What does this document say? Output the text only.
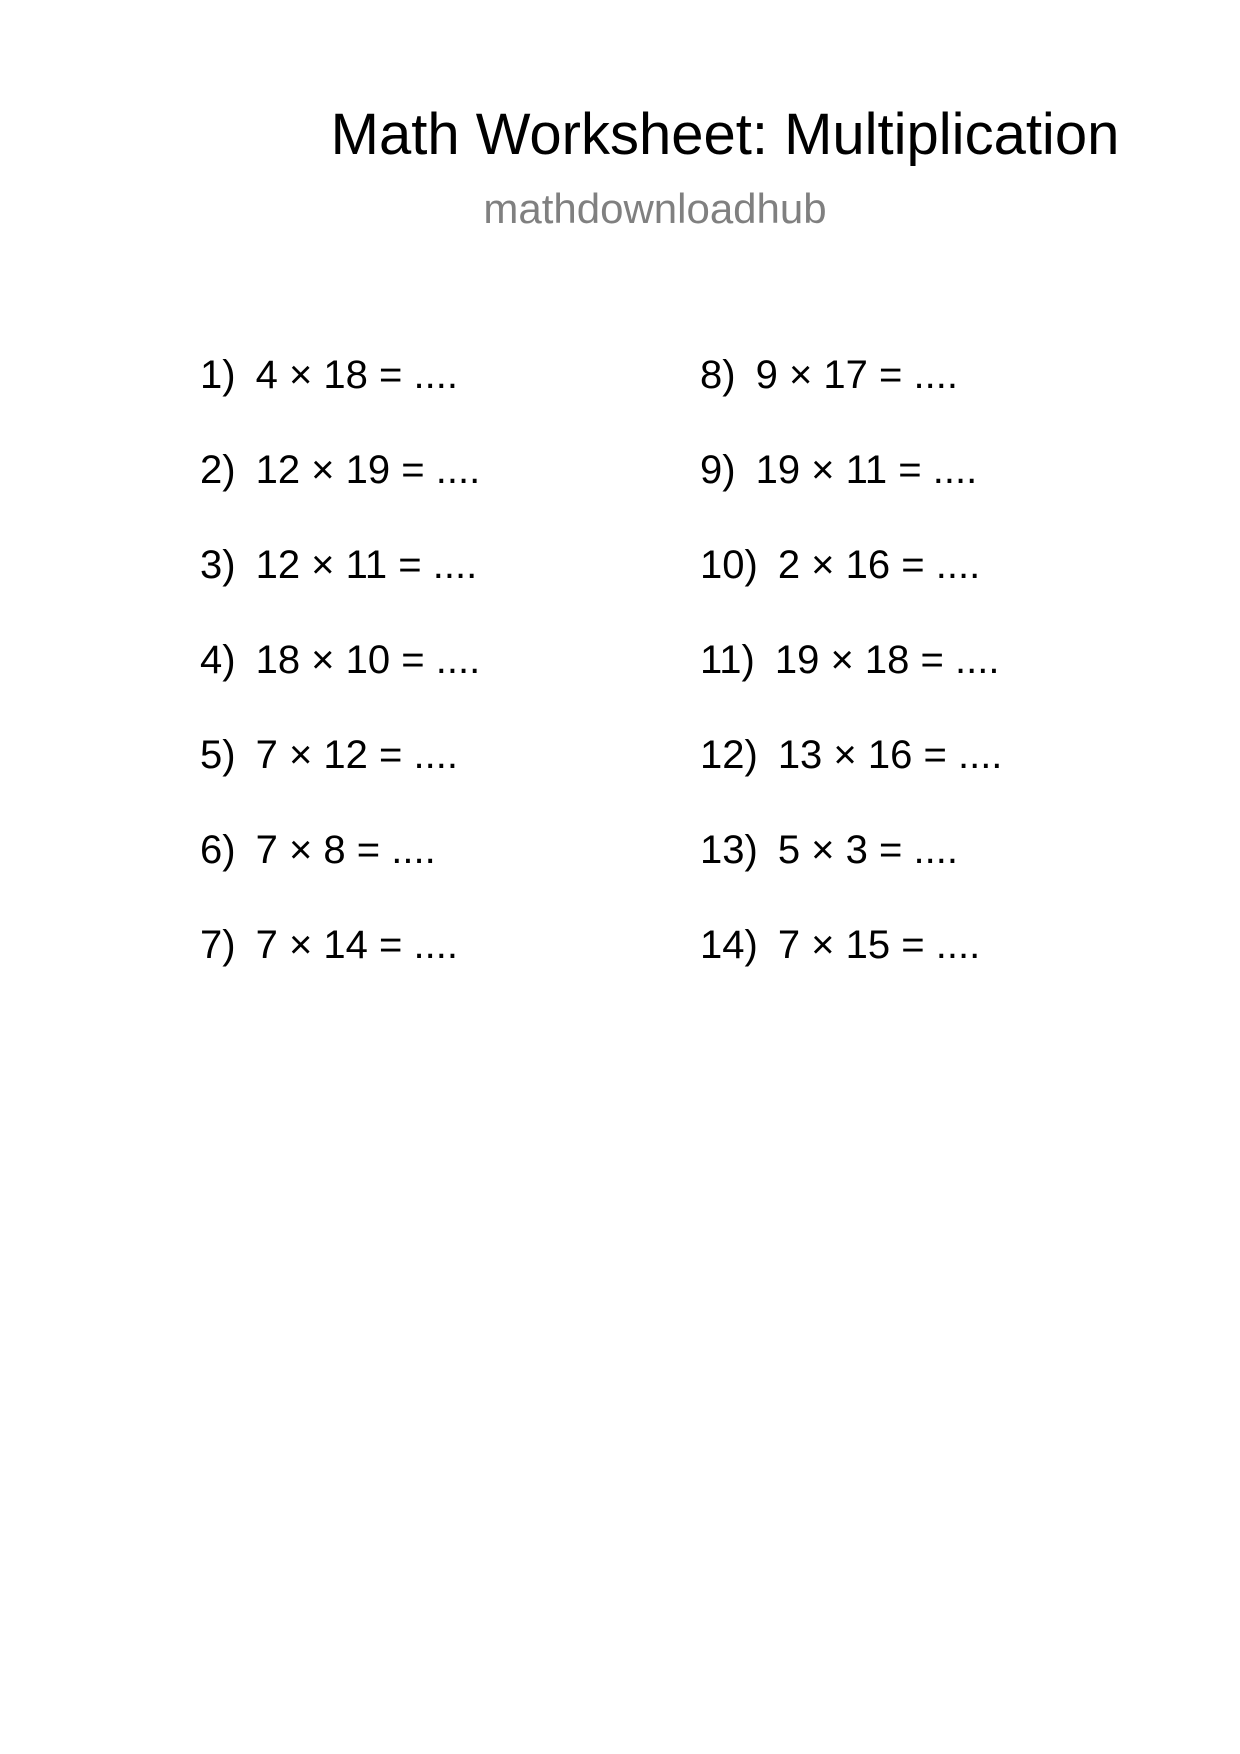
Math Worksheet: Multiplication
mathdownloadhub
1) 4 × 18 = ....
2) 12 × 19 = ....
3) 12 × 11 = ....
4) 18 × 10 = ....
5) 7 × 12 = ....
6) 7 × 8 = ....
7) 7 × 14 = ....
8) 9 × 17 = ....
9) 19 × 11 = ....
10) 2 × 16 = ....
11) 19 × 18 = ....
12) 13 × 16 = ....
13) 5 × 3 = ....
14) 7 × 15 = ....
